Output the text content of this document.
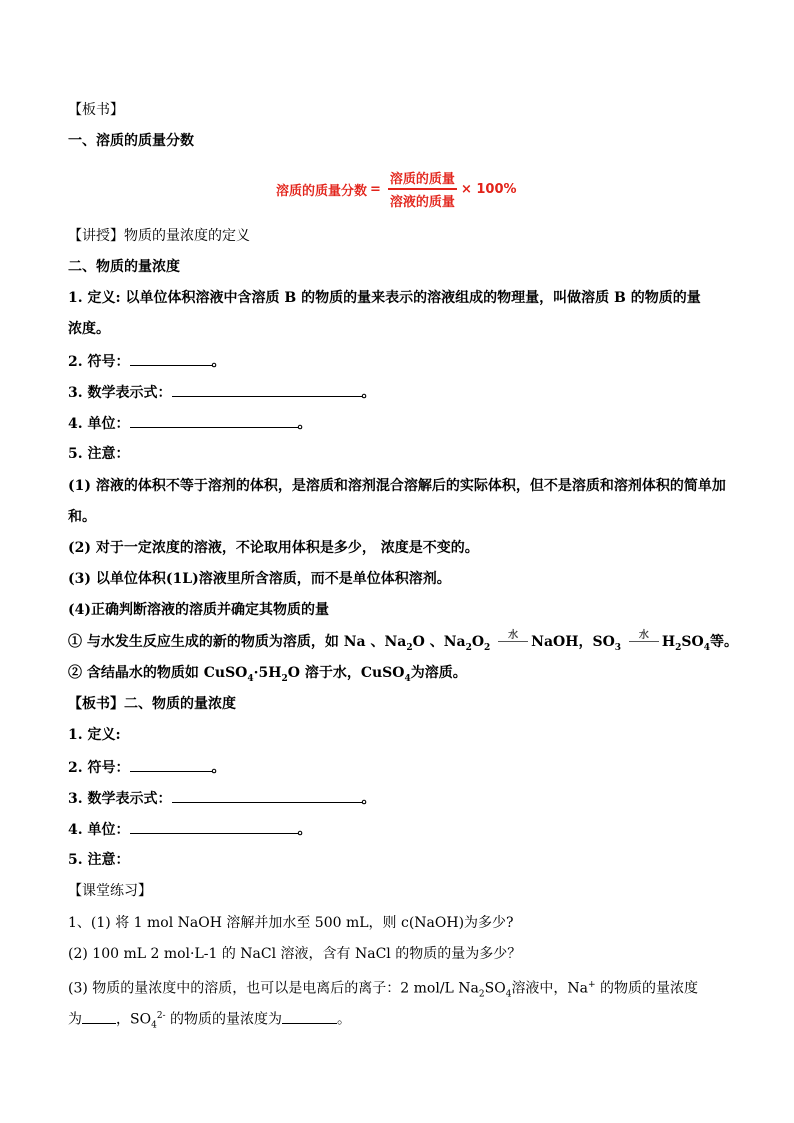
【板书】
一、溶质的质量分数
溶质的质量分数 = $\frac{\text{溶质的质量}}{\text{溶液的质量}} \times 100\%$
【讲授】物质的量浓度的定义
二、物质的量浓度
1. 定义: 以单位体积溶液中含溶质 B 的物质的量来表示的溶液组成的物理量，叫做溶质 B 的物质的量
浓度。
2. 符号：	。
3. 数学表示式：	。
4. 单位：	。
5. 注意：
(1) 溶液的体积不等于溶剂的体积，是溶质和溶剂混合溶解后的实际体积，但不是溶质和溶剂体积的简单加
和。
(2) 对于一定浓度的溶液，不论取用体积是多少， 浓度是不变的。
(3) 以单位体积(1L)溶液里所含溶质，而不是单位体积溶剂。
(4)正确判断溶液的溶质并确定其物质的量
① 与水发生反应生成的新的物质为溶质，如 Na 、$Na_2O$ 、$Na_2O_2$
水 NaOH，$SO_3$
水 $H_2SO_4$等。
② 含结晶水的物质如 $CuSO_4\cdot 5H_2O$ 溶于水，CuSO$_4$为溶质。
【板书】二、物质的量浓度
1. 定义:
2. 符号：	。
3. 数学表示式：	。
4. 单位：	。
5. 注意：
【课堂练习】
1、(1) 将 1 mol NaOH 溶解并加水至 500 mL，则 c(NaOH)为多少?
(2) 100 mL 2 mol·L-1 的 NaCl 溶液，含有 NaCl 的物质的量为多少？
(3) 物质的量浓度中的溶质，也可以是电离后的离子：2 mol/L $Na_2SO_4$溶液中，Na+ 的物质的量浓度
为 ，$SO_4^{2-}$ 的物质的量浓度为	。
